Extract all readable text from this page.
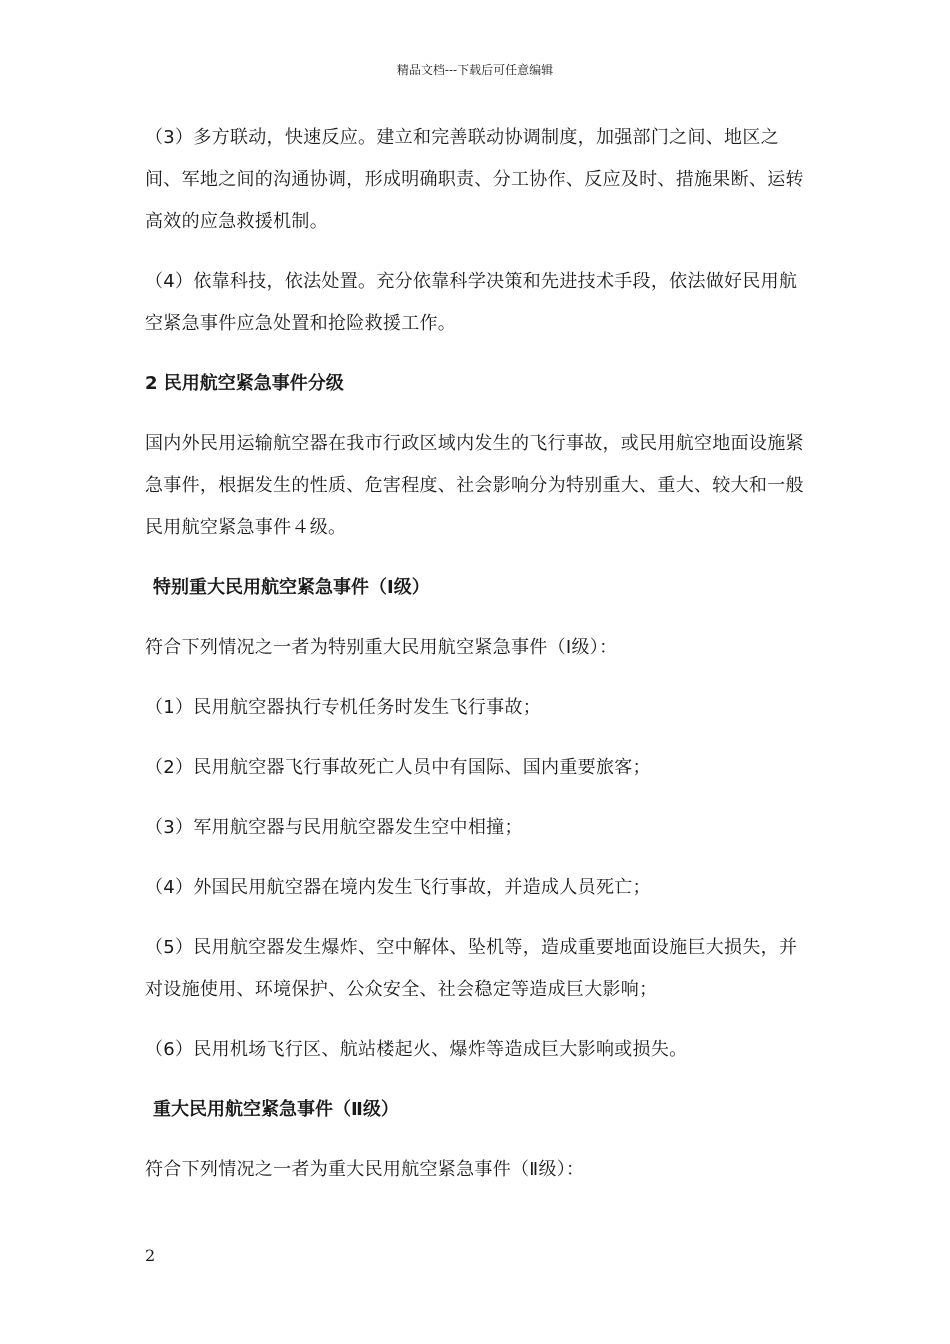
精品文档---下载后可任意编辑

（3）多方联动，快速反应。建立和完善联动协调制度，加强部门之间、地区之间、军地之间的沟通协调，形成明确职责、分工协作、反应及时、措施果断、运转高效的应急救援机制。

（4）依靠科技，依法处置。充分依靠科学决策和先进技术手段，依法做好民用航空紧急事件应急处置和抢险救援工作。

2 民用航空紧急事件分级

国内外民用运输航空器在我市行政区域内发生的飞行事故，或民用航空地面设施紧急事件，根据发生的性质、危害程度、社会影响分为特别重大、重大、较大和一般民用航空紧急事件４级。

特别重大民用航空紧急事件（Ⅰ级）

符合下列情况之一者为特别重大民用航空紧急事件（Ⅰ级）：

（1）民用航空器执行专机任务时发生飞行事故；

（2）民用航空器飞行事故死亡人员中有国际、国内重要旅客；

（3）军用航空器与民用航空器发生空中相撞；

（4）外国民用航空器在境内发生飞行事故，并造成人员死亡；

（5）民用航空器发生爆炸、空中解体、坠机等，造成重要地面设施巨大损失，并对设施使用、环境保护、公众安全、社会稳定等造成巨大影响；

（6）民用机场飞行区、航站楼起火、爆炸等造成巨大影响或损失。

重大民用航空紧急事件（Ⅱ级）

符合下列情况之一者为重大民用航空紧急事件（Ⅱ级）：

2
